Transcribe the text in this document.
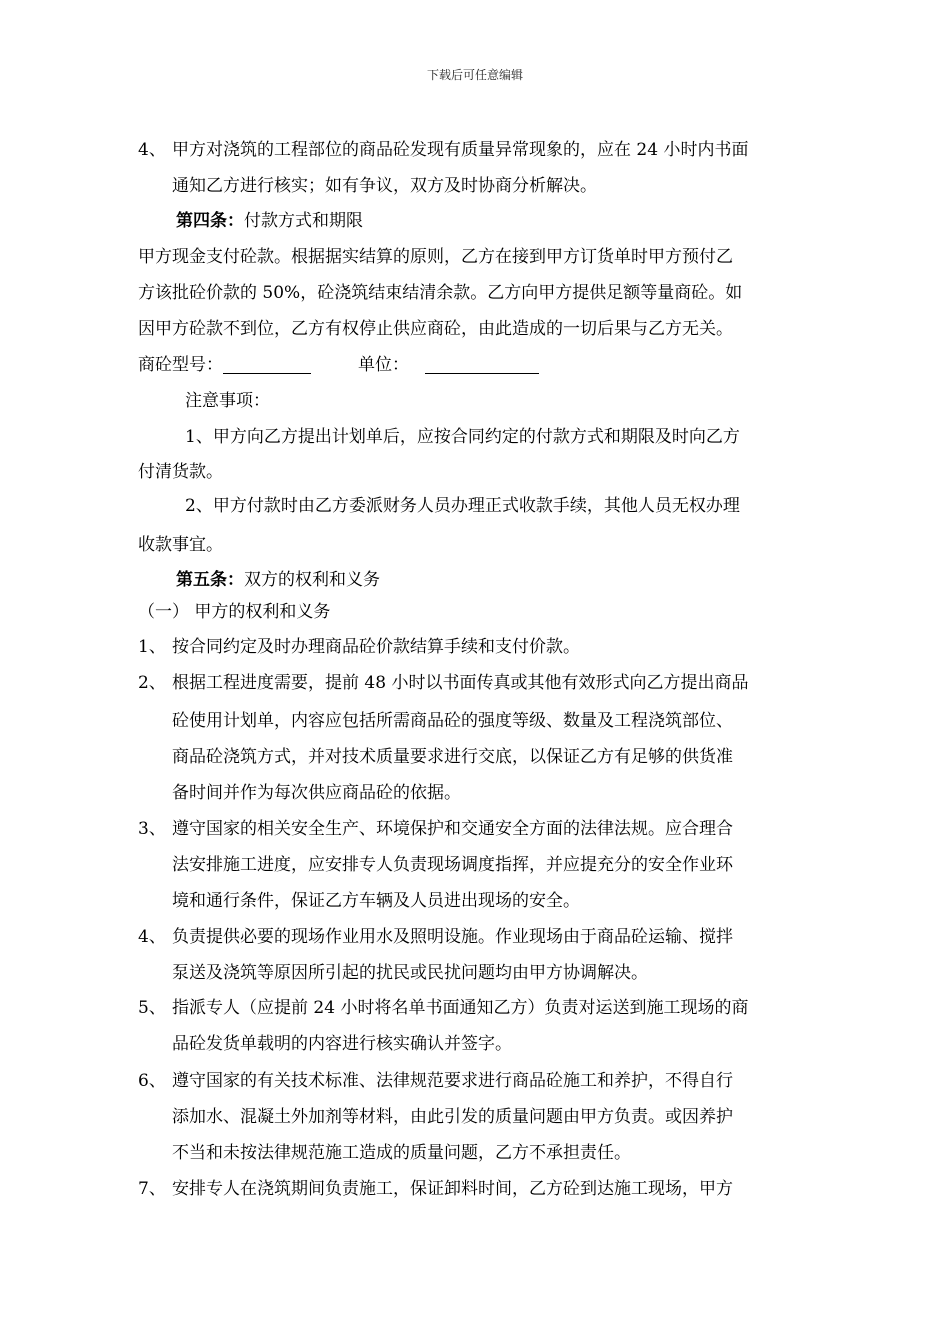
下载后可任意编辑
4、 甲方对浇筑的工程部位的商品砼发现有质量异常现象的，应在 24 小时内书面
通知乙方进行核实；如有争议，双方及时协商分析解决。
第四条：付款方式和期限
甲方现金支付砼款。根据据实结算的原则，乙方在接到甲方订货单时甲方预付乙
方该批砼价款的 50%，砼浇筑结束结清余款。乙方向甲方提供足额等量商砼。如
因甲方砼款不到位，乙方有权停止供应商砼，由此造成的一切后果与乙方无关。
商砼型号：	单位：
注意事项：
1、甲方向乙方提出计划单后，应按合同约定的付款方式和期限及时向乙方
付清货款。
2、甲方付款时由乙方委派财务人员办理正式收款手续，其他人员无权办理
收款事宜。
第五条：双方的权利和义务
（一） 甲方的权利和义务
1、 按合同约定及时办理商品砼价款结算手续和支付价款。
2、 根据工程进度需要，提前 48 小时以书面传真或其他有效形式向乙方提出商品
砼使用计划单，内容应包括所需商品砼的强度等级、数量及工程浇筑部位、
商品砼浇筑方式，并对技术质量要求进行交底，以保证乙方有足够的供货准
备时间并作为每次供应商品砼的依据。
3、 遵守国家的相关安全生产、环境保护和交通安全方面的法律法规。应合理合
法安排施工进度，应安排专人负责现场调度指挥，并应提充分的安全作业环
境和通行条件，保证乙方车辆及人员进出现场的安全。
4、 负责提供必要的现场作业用水及照明设施。作业现场由于商品砼运输、搅拌
泵送及浇筑等原因所引起的扰民或民扰问题均由甲方协调解决。
5、 指派专人（应提前 24 小时将名单书面通知乙方）负责对运送到施工现场的商
品砼发货单载明的内容进行核实确认并签字。
6、 遵守国家的有关技术标准、法律规范要求进行商品砼施工和养护，不得自行
添加水、混凝土外加剂等材料，由此引发的质量问题由甲方负责。或因养护
不当和未按法律规范施工造成的质量问题，乙方不承担责任。
7、 安排专人在浇筑期间负责施工，保证卸料时间，乙方砼到达施工现场，甲方
